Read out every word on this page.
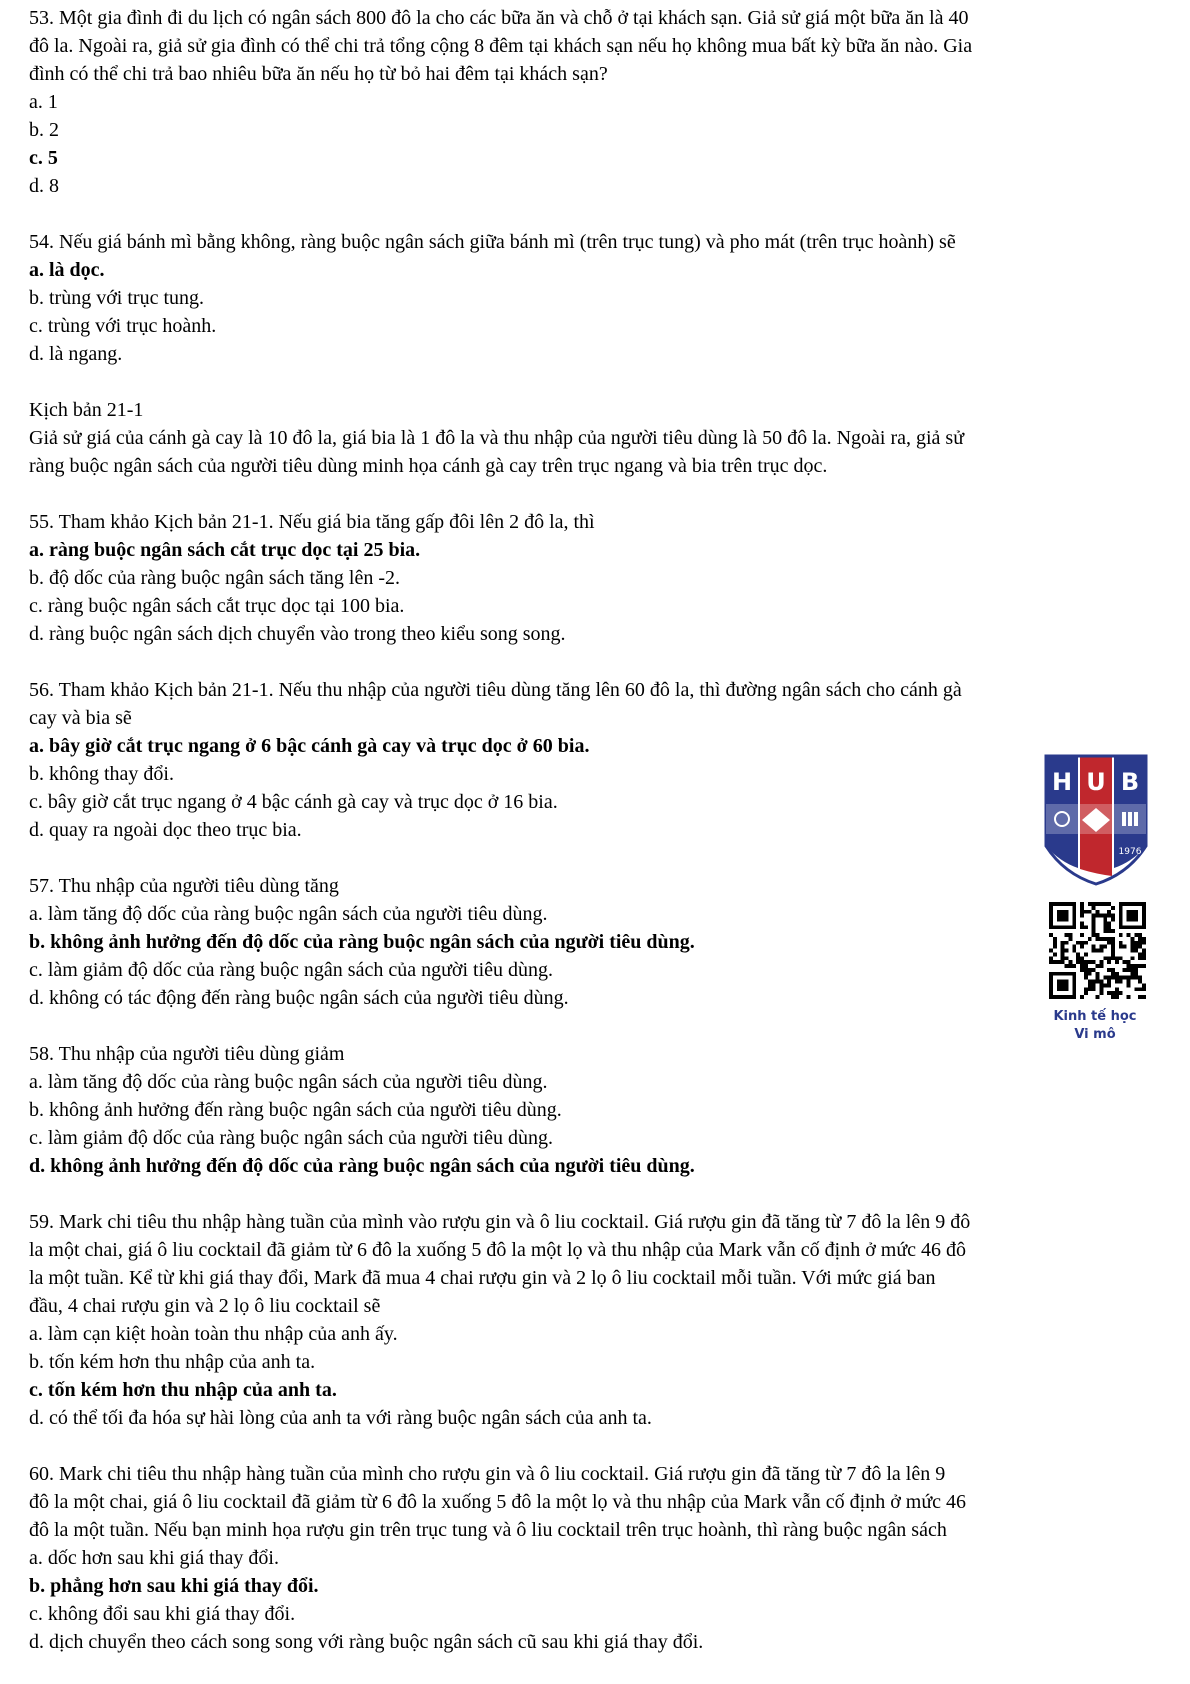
53. Một gia đình đi du lịch có ngân sách 800 đô la cho các bữa ăn và chỗ ở tại khách sạn. Giả sử giá một bữa ăn là 40
đô la. Ngoài ra, giả sử gia đình có thể chi trả tổng cộng 8 đêm tại khách sạn nếu họ không mua bất kỳ bữa ăn nào. Gia
đình có thể chi trả bao nhiêu bữa ăn nếu họ từ bỏ hai đêm tại khách sạn?
a. 1
b. 2
c. 5
d. 8
54. Nếu giá bánh mì bằng không, ràng buộc ngân sách giữa bánh mì (trên trục tung) và pho mát (trên trục hoành) sẽ
a. là dọc.
b. trùng với trục tung.
c. trùng với trục hoành.
d. là ngang.
Kịch bản 21-1
Giả sử giá của cánh gà cay là 10 đô la, giá bia là 1 đô la và thu nhập của người tiêu dùng là 50 đô la. Ngoài ra, giả sử
ràng buộc ngân sách của người tiêu dùng minh họa cánh gà cay trên trục ngang và bia trên trục dọc.
55. Tham khảo Kịch bản 21-1. Nếu giá bia tăng gấp đôi lên 2 đô la, thì
a. ràng buộc ngân sách cắt trục dọc tại 25 bia.
b. độ dốc của ràng buộc ngân sách tăng lên -2.
c. ràng buộc ngân sách cắt trục dọc tại 100 bia.
d. ràng buộc ngân sách dịch chuyển vào trong theo kiểu song song.
56. Tham khảo Kịch bản 21-1. Nếu thu nhập của người tiêu dùng tăng lên 60 đô la, thì đường ngân sách cho cánh gà
cay và bia sẽ
a. bây giờ cắt trục ngang ở 6 bậc cánh gà cay và trục dọc ở 60 bia.
b. không thay đổi.
c. bây giờ cắt trục ngang ở 4 bậc cánh gà cay và trục dọc ở 16 bia.
d. quay ra ngoài dọc theo trục bia.
57. Thu nhập của người tiêu dùng tăng
a. làm tăng độ dốc của ràng buộc ngân sách của người tiêu dùng.
b. không ảnh hưởng đến độ dốc của ràng buộc ngân sách của người tiêu dùng.
c. làm giảm độ dốc của ràng buộc ngân sách của người tiêu dùng.
d. không có tác động đến ràng buộc ngân sách của người tiêu dùng.
58. Thu nhập của người tiêu dùng giảm
a. làm tăng độ dốc của ràng buộc ngân sách của người tiêu dùng.
b. không ảnh hưởng đến ràng buộc ngân sách của người tiêu dùng.
c. làm giảm độ dốc của ràng buộc ngân sách của người tiêu dùng.
d. không ảnh hưởng đến độ dốc của ràng buộc ngân sách của người tiêu dùng.
59. Mark chi tiêu thu nhập hàng tuần của mình vào rượu gin và ô liu cocktail. Giá rượu gin đã tăng từ 7 đô la lên 9 đô
la một chai, giá ô liu cocktail đã giảm từ 6 đô la xuống 5 đô la một lọ và thu nhập của Mark vẫn cố định ở mức 46 đô
la một tuần. Kể từ khi giá thay đổi, Mark đã mua 4 chai rượu gin và 2 lọ ô liu cocktail mỗi tuần. Với mức giá ban
đầu, 4 chai rượu gin và 2 lọ ô liu cocktail sẽ
a. làm cạn kiệt hoàn toàn thu nhập của anh ấy.
b. tốn kém hơn thu nhập của anh ta.
c. tốn kém hơn thu nhập của anh ta.
d. có thể tối đa hóa sự hài lòng của anh ta với ràng buộc ngân sách của anh ta.
60. Mark chi tiêu thu nhập hàng tuần của mình cho rượu gin và ô liu cocktail. Giá rượu gin đã tăng từ 7 đô la lên 9
đô la một chai, giá ô liu cocktail đã giảm từ 6 đô la xuống 5 đô la một lọ và thu nhập của Mark vẫn cố định ở mức 46
đô la một tuần. Nếu bạn minh họa rượu gin trên trục tung và ô liu cocktail trên trục hoành, thì ràng buộc ngân sách
a. dốc hơn sau khi giá thay đổi.
b. phẳng hơn sau khi giá thay đổi.
c. không đổi sau khi giá thay đổi.
d. dịch chuyển theo cách song song với ràng buộc ngân sách cũ sau khi giá thay đổi.
H U B
1976
Kinh tế học
Vi mô
